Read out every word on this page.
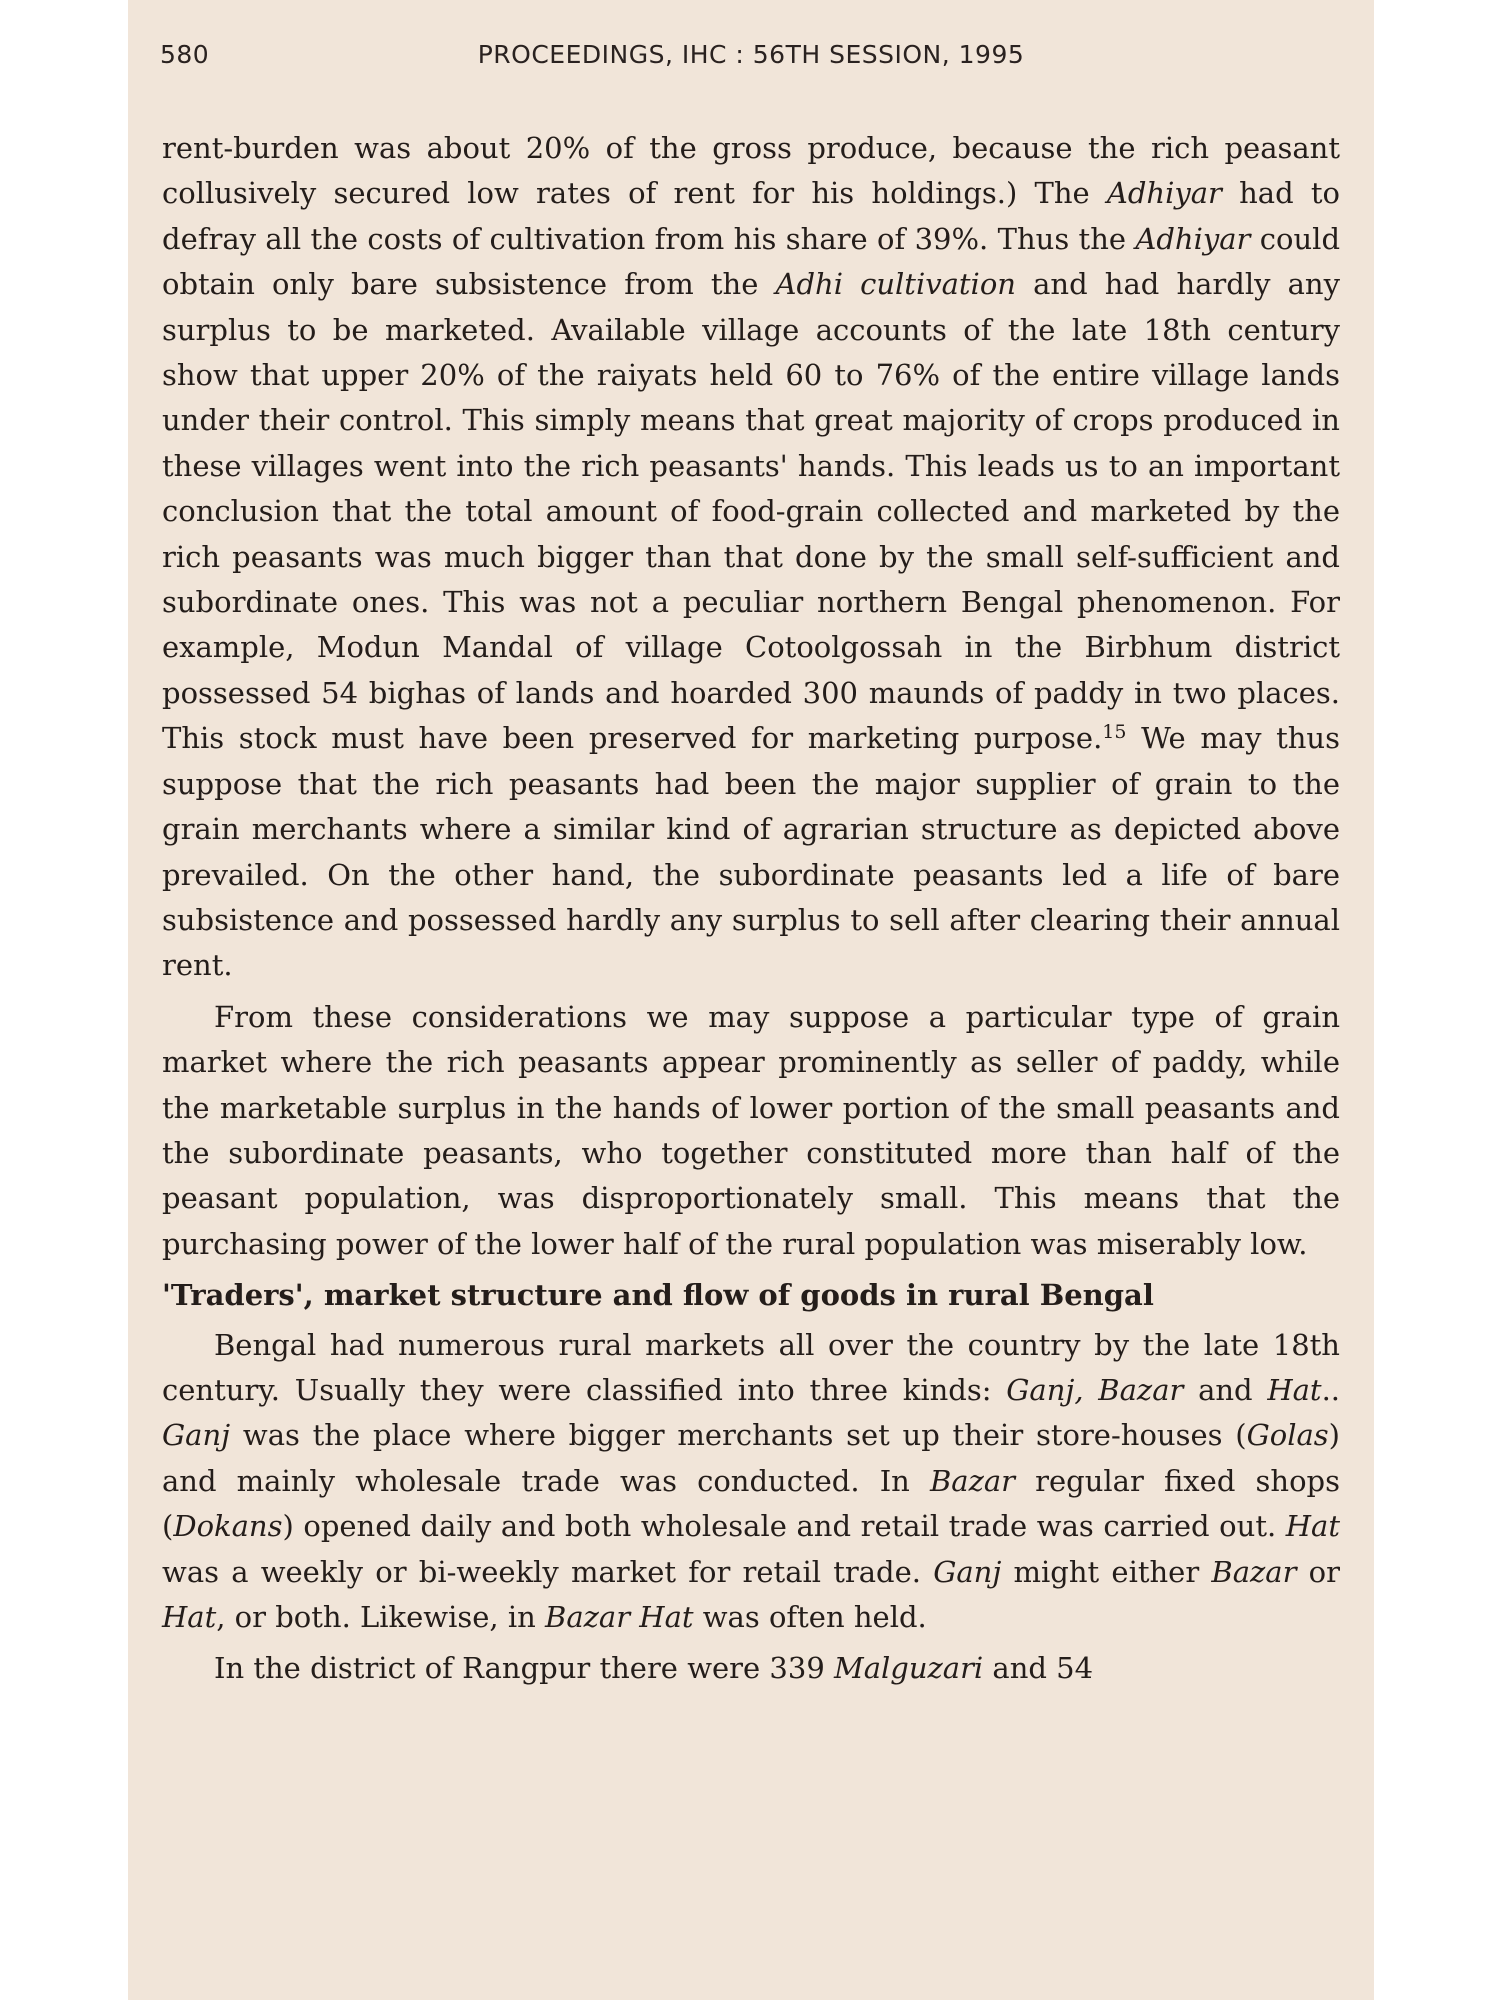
580	PROCEEDINGS, IHC : 56TH SESSION, 1995

rent-burden was about 20% of the gross produce, because the rich peasant collusively secured low rates of rent for his holdings.) The Adhiyar had to defray all the costs of cultivation from his share of 39%. Thus the Adhiyar could obtain only bare subsistence from the Adhi cultivation and had hardly any surplus to be marketed. Available village accounts of the late 18th century show that upper 20% of the raiyats held 60 to 76% of the entire village lands under their control. This simply means that great majority of crops produced in these villages went into the rich peasants' hands. This leads us to an important conclusion that the total amount of food-grain collected and marketed by the rich peasants was much bigger than that done by the small self-sufficient and subordinate ones. This was not a peculiar northern Bengal phenomenon. For example, Modun Mandal of village Cotoolgossah in the Birbhum district possessed 54 bighas of lands and hoarded 300 maunds of paddy in two places. This stock must have been preserved for marketing purpose.$^{15}$ We may thus suppose that the rich peasants had been the major supplier of grain to the grain merchants where a similar kind of agrarian structure as depicted above prevailed. On the other hand, the subordinate peasants led a life of bare subsistence and possessed hardly any surplus to sell after clearing their annual rent.

From these considerations we may suppose a particular type of grain market where the rich peasants appear prominently as seller of paddy, while the marketable surplus in the hands of lower portion of the small peasants and the subordinate peasants, who together constituted more than half of the peasant population, was disproportionately small. This means that the purchasing power of the lower half of the rural population was miserably low.

'Traders', market structure and flow of goods in rural Bengal

Bengal had numerous rural markets all over the country by the late 18th century. Usually they were classified into three kinds: Ganj, Bazar and Hat.. Ganj was the place where bigger merchants set up their store-houses (Golas) and mainly wholesale trade was conducted. In Bazar regular fixed shops (Dokans) opened daily and both wholesale and retail trade was carried out. Hat was a weekly or bi-weekly market for retail trade. Ganj might either Bazar or Hat, or both. Likewise, in Bazar Hat was often held.

In the district of Rangpur there were 339 Malguzari and 54
